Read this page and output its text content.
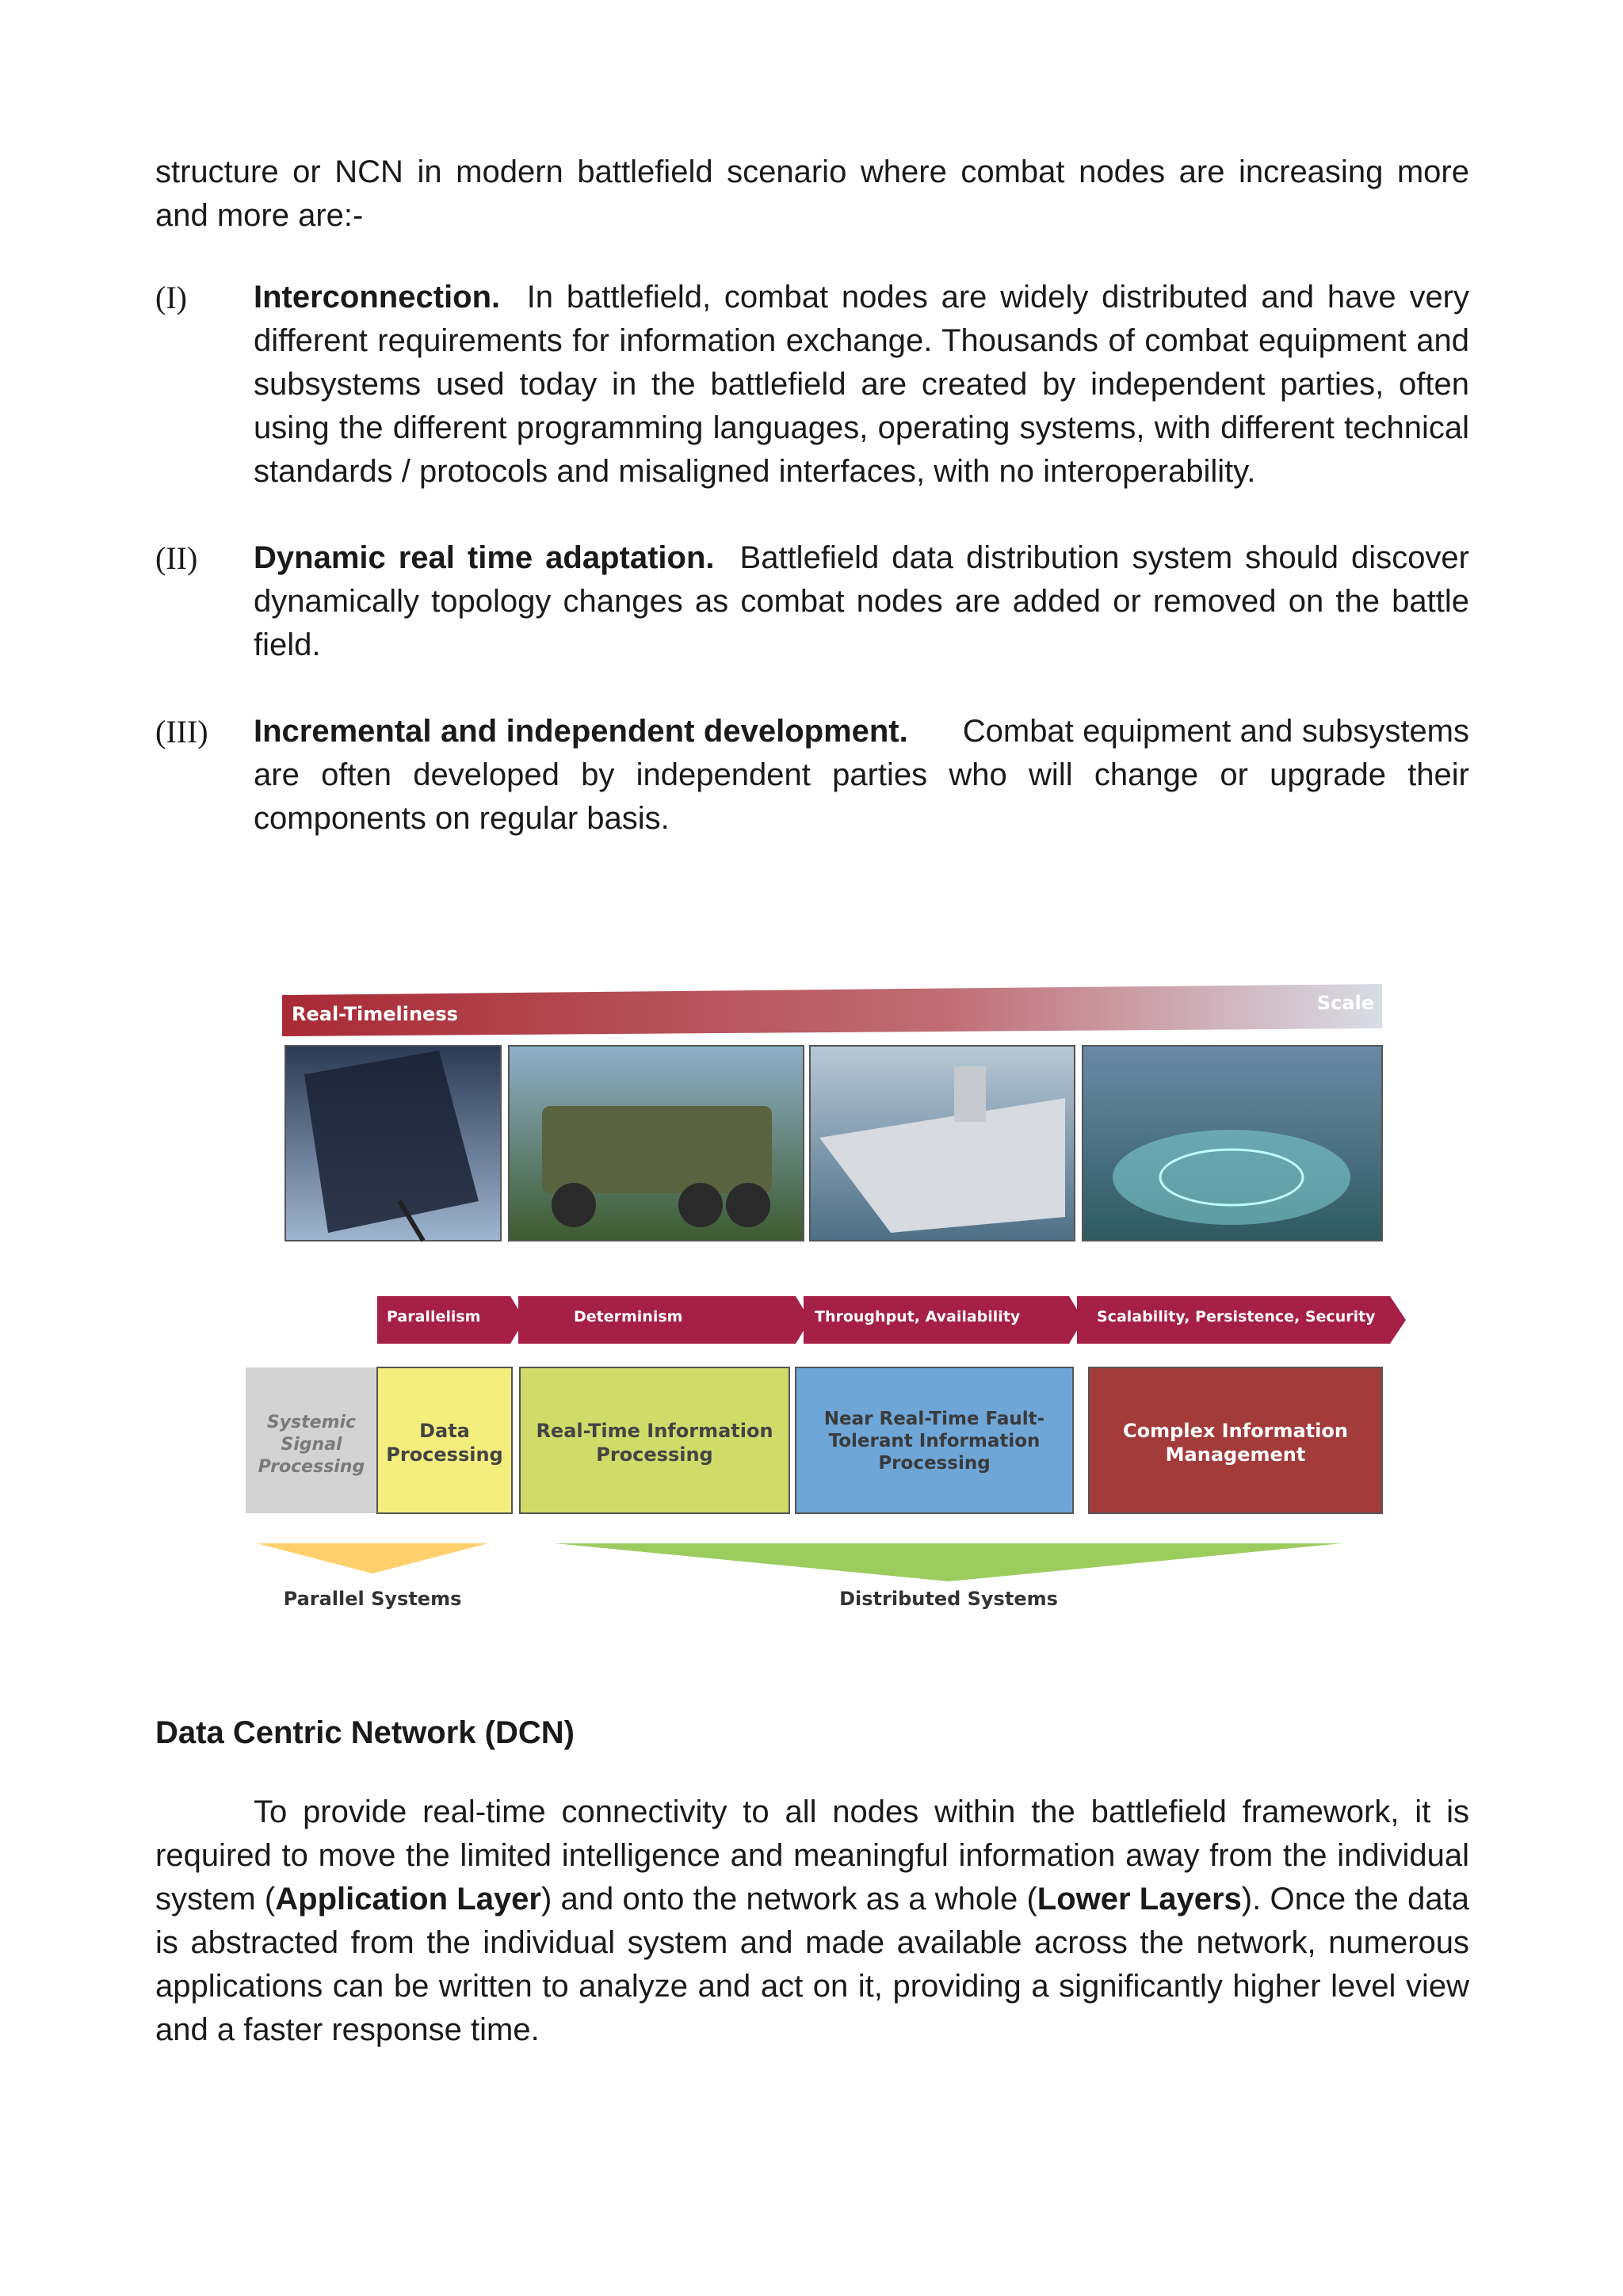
structure or NCN in modern battlefield scenario where combat nodes are increasing more and more are:-

(I)	Interconnection. In battlefield, combat nodes are widely distributed and have very different requirements for information exchange. Thousands of combat equipment and subsystems used today in the battlefield are created by independent parties, often using the different programming languages, operating systems, with different technical standards / protocols and misaligned interfaces, with no interoperability.
(II)	Dynamic real time adaptation. Battlefield data distribution system should discover dynamically topology changes as combat nodes are added or removed on the battle field.
(III)	Incremental and independent development. Combat equipment and subsystems are often developed by independent parties who will change or upgrade their components on regular basis.
Real-Timeliness	Scale
Parallelism	Determinism	Throughput, Availability	Scalability, Persistence, Security
Systemic Signal Processing
Data Processing
Real-Time Information Processing
Near Real-Time Fault-Tolerant Information Processing
Complex Information Management
Parallel Systems	Distributed Systems
Data Centric Network (DCN)

To provide real-time connectivity to all nodes within the battlefield framework, it is required to move the limited intelligence and meaningful information away from the individual system (Application Layer) and onto the network as a whole (Lower Layers). Once the data is abstracted from the individual system and made available across the network, numerous applications can be written to analyze and act on it, providing a significantly higher level view and a faster response time.
